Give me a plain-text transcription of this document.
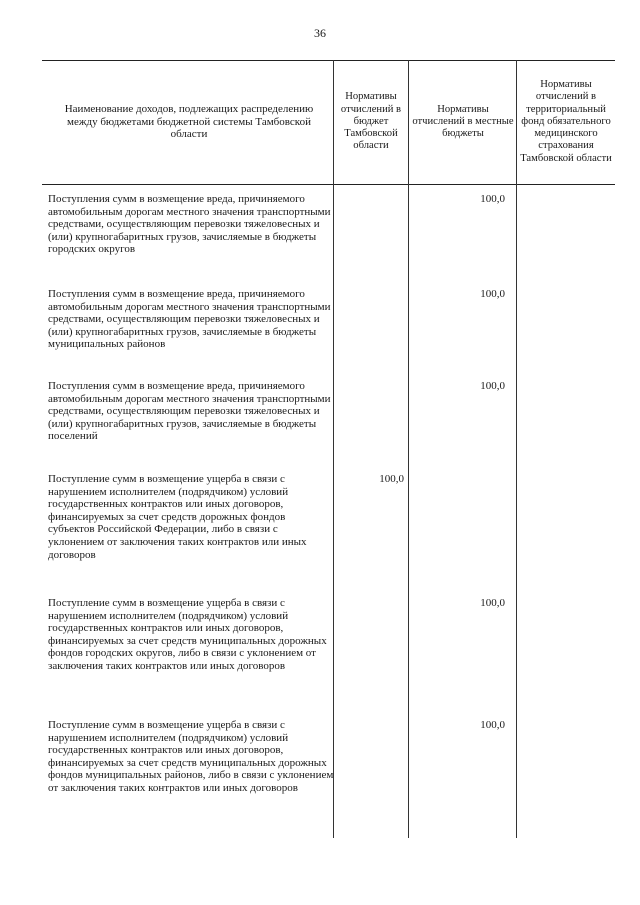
36
Наименование доходов, подлежащих распределению между бюджетами бюджетной системы Тамбовской области
Нормативы отчислений в бюджет Тамбовской области
Нормативы отчислений в местные бюджеты
Нормативы отчислений в территориальный фонд обязательного медицинского страхования Тамбовской области
Поступления сумм в возмещение вреда, причиняемого автомобильным дорогам местного значения транспортными средствами, осуществляющим перевозки тяжеловесных и (или) крупногабаритных грузов, зачисляемые в бюджеты городских округов
100,0
Поступления сумм в возмещение вреда, причиняемого автомобильным дорогам местного значения транспортными средствами, осуществляющим перевозки тяжеловесных и (или) крупногабаритных грузов, зачисляемые в бюджеты муниципальных районов
100,0
Поступления сумм в возмещение вреда, причиняемого автомобильным дорогам местного значения транспортными средствами, осуществляющим перевозки тяжеловесных и (или) крупногабаритных грузов, зачисляемые в бюджеты поселений
100,0
Поступление сумм в возмещение ущерба в связи с нарушением исполнителем (подрядчиком) условий государственных контрактов или иных договоров, финансируемых за счет средств дорожных фондов субъектов Российской Федерации, либо в связи с уклонением от заключения таких контрактов или иных договоров
100,0
Поступление сумм в возмещение ущерба в связи с нарушением исполнителем (подрядчиком) условий государственных контрактов или иных договоров, финансируемых за счет средств муниципальных дорожных фондов городских округов, либо в связи с уклонением от заключения таких контрактов или иных договоров
100,0
Поступление сумм в возмещение ущерба в связи с нарушением исполнителем (подрядчиком) условий государственных контрактов или иных договоров, финансируемых за счет средств муниципальных дорожных фондов муниципальных районов, либо в связи с уклонением от заключения таких контрактов или иных договоров
100,0
